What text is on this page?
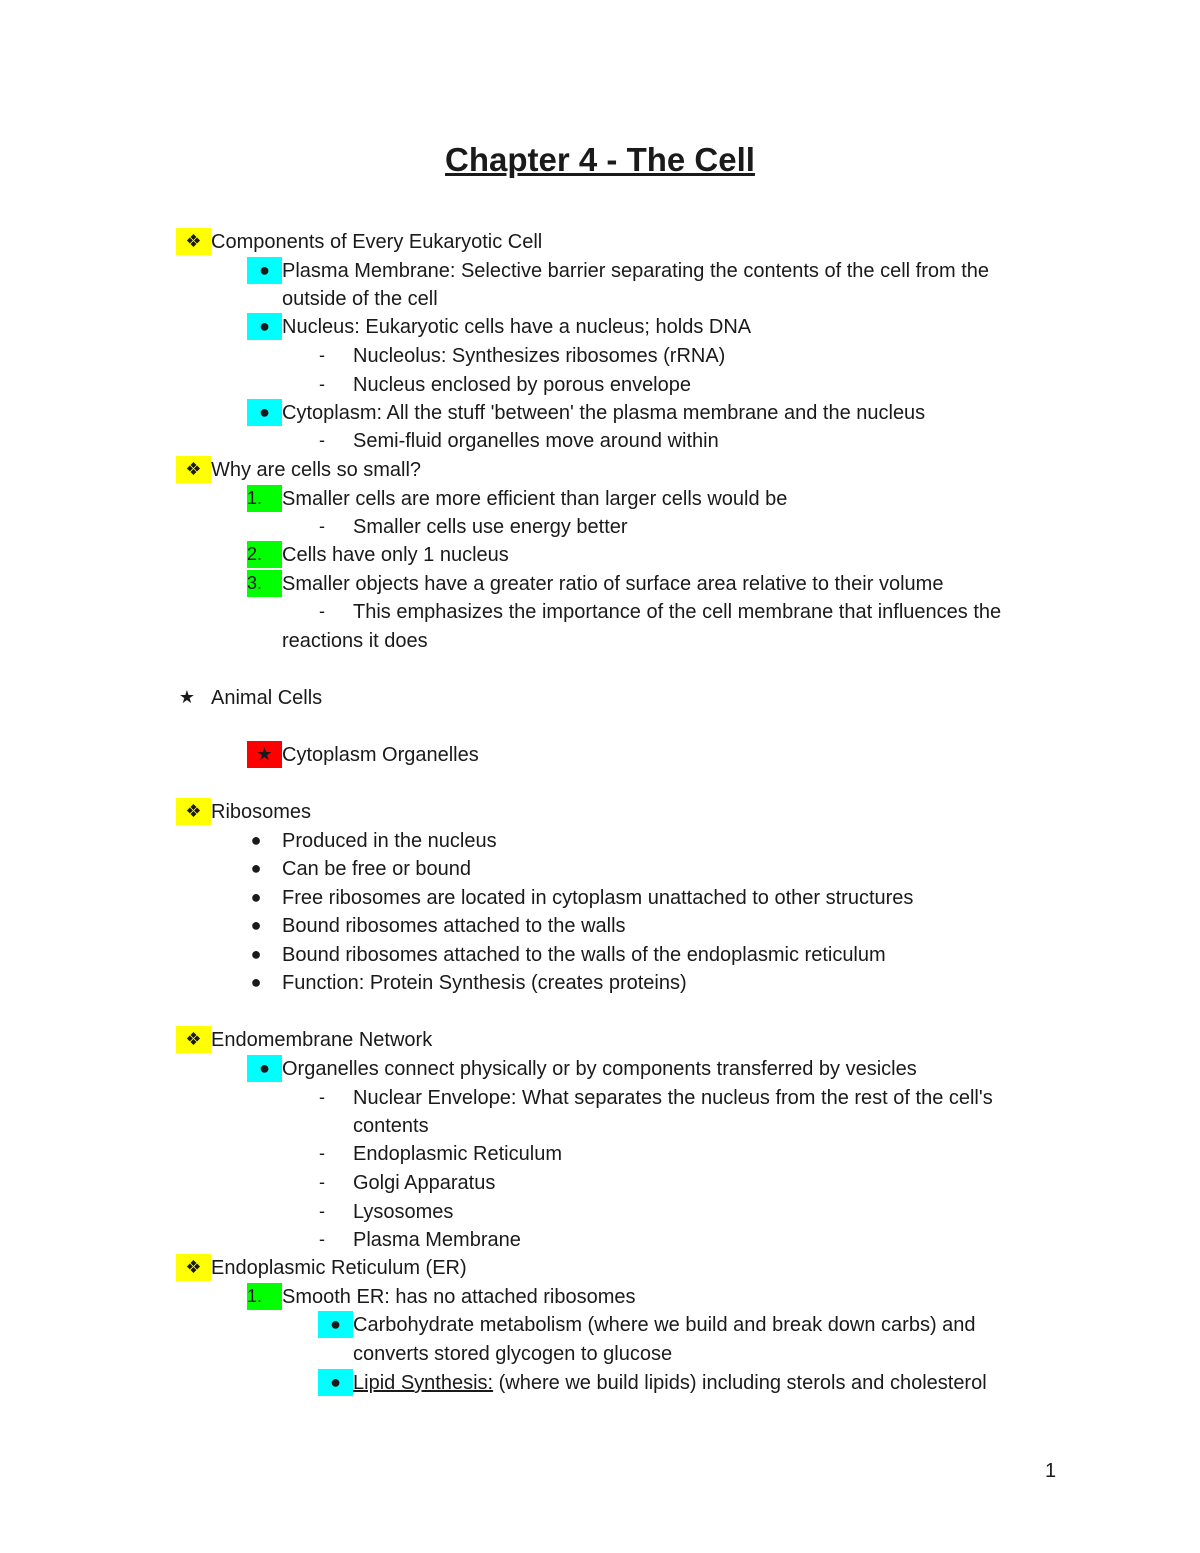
Chapter 4 - The Cell
❖ Components of Every Eukaryotic Cell
● Plasma Membrane: Selective barrier separating the contents of the cell from the
outside of the cell
● Nucleus: Eukaryotic cells have a nucleus; holds DNA
- Nucleolus: Synthesizes ribosomes (rRNA)
- Nucleus enclosed by porous envelope
● Cytoplasm: All the stuff 'between' the plasma membrane and the nucleus
- Semi-fluid organelles move around within
❖ Why are cells so small?
1. Smaller cells are more efficient than larger cells would be
- Smaller cells use energy better
2. Cells have only 1 nucleus
3. Smaller objects have a greater ratio of surface area relative to their volume
- This emphasizes the importance of the cell membrane that influences the
reactions it does
★ Animal Cells
★ Cytoplasm Organelles
❖ Ribosomes
● Produced in the nucleus
● Can be free or bound
● Free ribosomes are located in cytoplasm unattached to other structures
● Bound ribosomes attached to the walls
● Bound ribosomes attached to the walls of the endoplasmic reticulum
● Function: Protein Synthesis (creates proteins)
❖ Endomembrane Network
● Organelles connect physically or by components transferred by vesicles
- Nuclear Envelope: What separates the nucleus from the rest of the cell's
contents
- Endoplasmic Reticulum
- Golgi Apparatus
- Lysosomes
- Plasma Membrane
❖ Endoplasmic Reticulum (ER)
1. Smooth ER: has no attached ribosomes
● Carbohydrate metabolism (where we build and break down carbs) and
converts stored glycogen to glucose
● Lipid Synthesis: (where we build lipids) including sterols and cholesterol
1
